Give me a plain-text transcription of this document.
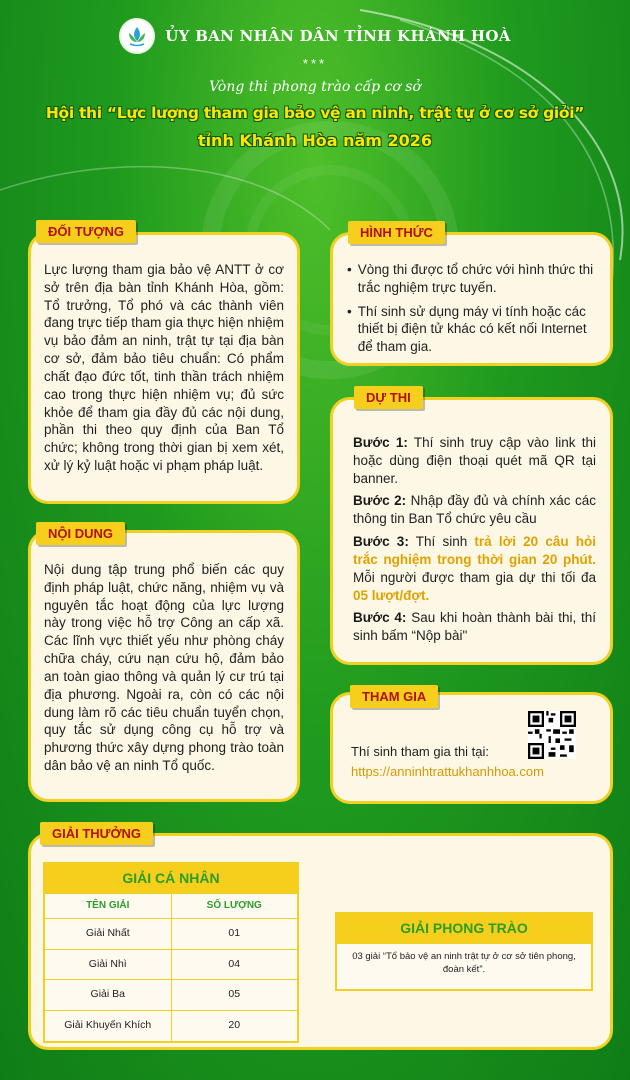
ỦY BAN NHÂN DÂN TỈNH KHÁNH HOÀ
***
Vòng thi phong trào cấp cơ sở
Hội thi “Lực lượng tham gia bảo vệ an ninh, trật tự ở cơ sở giỏi”
tỉnh Khánh Hòa năm 2026
Lực lượng tham gia bảo vệ ANTT ở cơ sở trên địa bàn tỉnh Khánh Hòa, gồm: Tổ trưởng, Tổ phó và các thành viên đang trực tiếp tham gia thực hiện nhiệm vụ bảo đảm an ninh, trật tự tại địa bàn cơ sở, đảm bảo tiêu chuẩn: Có phẩm chất đạo đức tốt, tinh thần trách nhiệm cao trong thực hiện nhiệm vụ; đủ sức khỏe để tham gia đầy đủ các nội dung, phần thi theo quy định của Ban Tổ chức; không trong thời gian bị xem xét, xử lý kỷ luật hoặc vi phạm pháp luật.
ĐỐI TƯỢNG
Nội dung tập trung phổ biến các quy định pháp luật, chức năng, nhiệm vụ và nguyên tắc hoạt động của lực lượng này trong việc hỗ trợ Công an cấp xã. Các lĩnh vực thiết yếu như phòng cháy chữa cháy, cứu nạn cứu hộ, đảm bảo an toàn giao thông và quản lý cư trú tại địa phương. Ngoài ra, còn có các nội dung làm rõ các tiêu chuẩn tuyển chọn, quy tắc sử dụng công cụ hỗ trợ và phương thức xây dựng phong trào toàn dân bảo vệ an ninh Tổ quốc.
NỘI DUNG
• Vòng thi được tổ chức với hình thức thi trắc nghiệm trực tuyến.
• Thí sinh sử dụng máy vi tính hoặc các thiết bị điện tử khác có kết nối Internet để tham gia.
HÌNH THỨC
Bước 1: Thí sinh truy cập vào link thi hoặc dùng điện thoại quét mã QR tại banner.
Bước 2: Nhập đầy đủ và chính xác các thông tin Ban Tổ chức yêu cầu
Bước 3: Thí sinh trả lời 20 câu hỏi trắc nghiệm trong thời gian 20 phút. Mỗi người được tham gia dự thi tối đa 05 lượt/đợt.
Bước 4: Sau khi hoàn thành bài thi, thí sinh bấm “Nộp bài"
DỰ THI
Thí sinh tham gia thi tại:
https://anninhtrattukhanhhoa.com
THAM GIA
GIẢI CÁ NHÂN
TÊN GIẢI	SỐ LƯỢNG
Giải Nhất	01
Giải Nhì	04
Giải Ba	05
Giải Khuyến Khích	20
GIẢI PHONG TRÀO
03 giải “Tổ bảo vệ an ninh trật tự ở cơ sở tiên phong, đoàn kết”.
GIẢI THƯỞNG
